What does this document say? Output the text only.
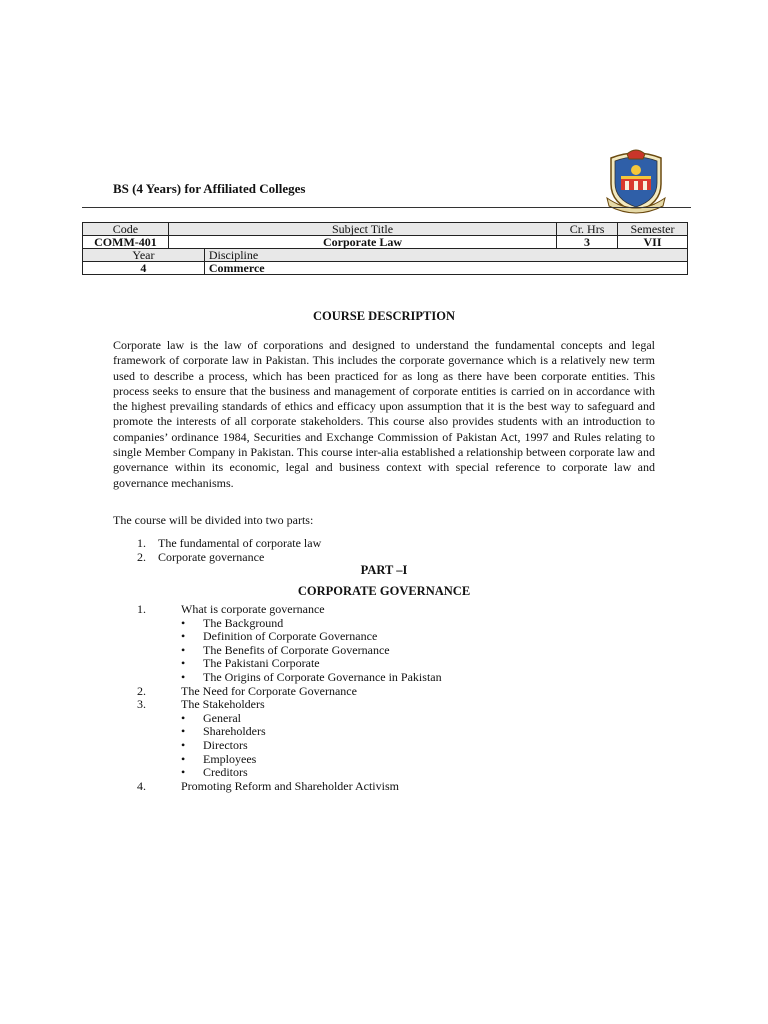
BS (4 Years) for Affiliated Colleges
Code	Subject Title		Cr. Hrs	Semester
COMM-401	Corporate Law		3	VII
Year		Discipline		
4		Commerce		
COURSE DESCRIPTION
Corporate law is the law of corporations and designed to understand the fundamental concepts and legal framework of corporate law in Pakistan. This includes the corporate governance which is a relatively new term used to describe a process, which has been practiced for as long as there have been corporate entities. This process seeks to ensure that the business and management of corporate entities is carried on in accordance with the highest prevailing standards of ethics and efficacy upon assumption that it is the best way to safeguard and promote the interests of all corporate stakeholders. This course also provides students with an introduction to companies’ ordinance 1984, Securities and Exchange Commission of Pakistan Act, 1997 and Rules relating to single Member Company in Pakistan. This course inter-alia established a relationship between corporate law and governance within its economic, legal and business context with special reference to corporate law and governance mechanisms.
The course will be divided into two parts:
1.	The fundamental of corporate law
2.	Corporate governance
PART –I
CORPORATE GOVERNANCE
1.	What is corporate governance
•	The Background
•	Definition of Corporate Governance
•	The Benefits of Corporate Governance
•	The Pakistani Corporate
•	The Origins of Corporate Governance in Pakistan
2.	The Need for Corporate Governance
3.	The Stakeholders
•	General
•	Shareholders
•	Directors
•	Employees
•	Creditors
4.	Promoting Reform and Shareholder Activism
